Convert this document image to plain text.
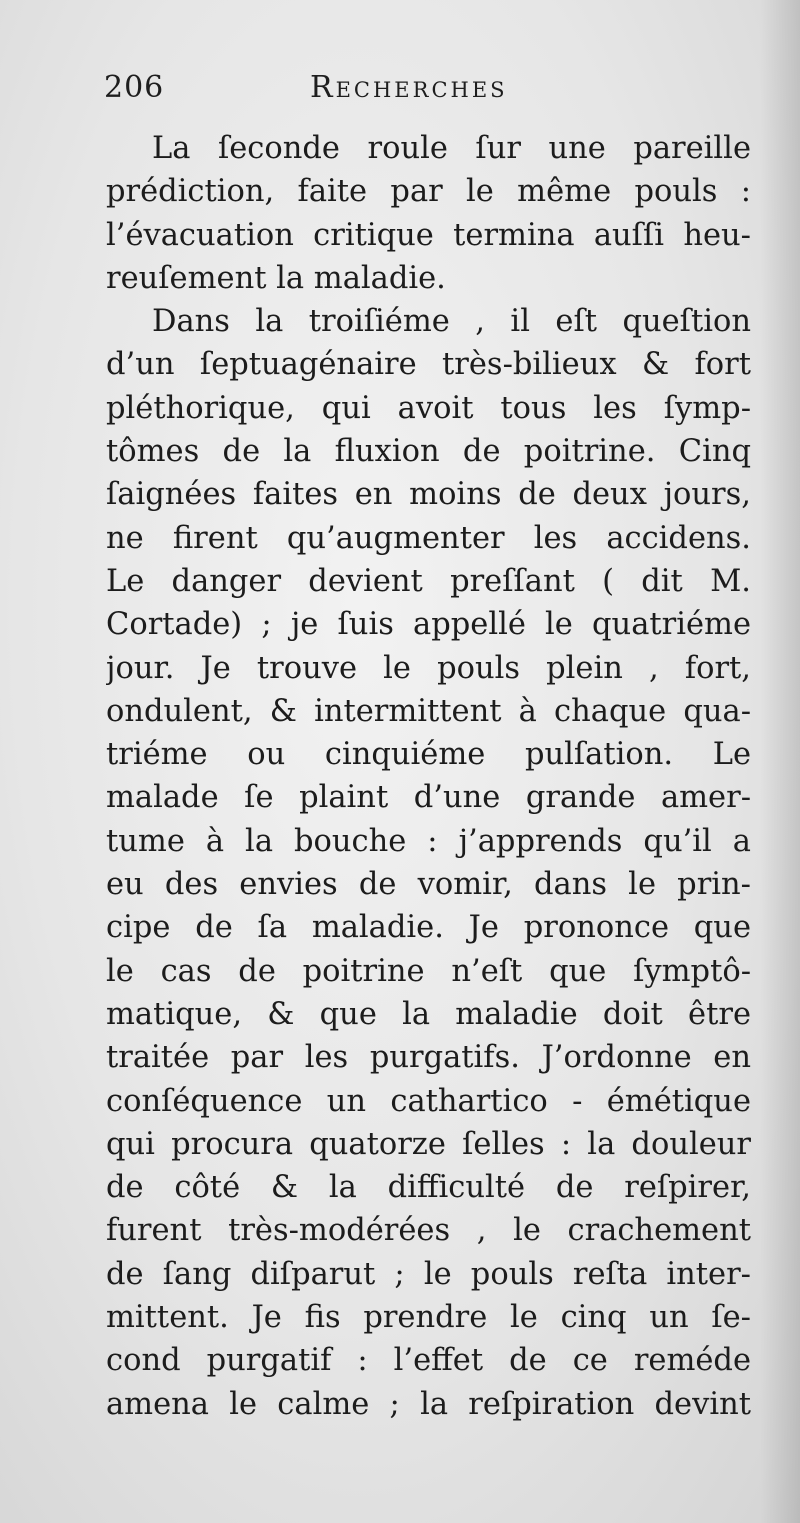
206	Recherches
La ſeconde roule ſur une pareille
prédiction, faite par le même pouls :
l’évacuation critique termina auſſi heu-
reuſement la maladie.
Dans la troiſiéme , il eſt queſtion
d’un ſeptuagénaire très-bilieux & fort
pléthorique, qui avoit tous les ſymp-
tômes de la fluxion de poitrine. Cinq
ſaignées faites en moins de deux jours,
ne firent qu’augmenter les accidens.
Le danger devient preſſant ( dit M.
Cortade) ; je ſuis appellé le quatriéme
jour. Je trouve le pouls plein , fort,
ondulent, & intermittent à chaque qua-
triéme ou cinquiéme pulſation. Le
malade ſe plaint d’une grande amer-
tume à la bouche : j’apprends qu’il a
eu des envies de vomir, dans le prin-
cipe de ſa maladie. Je prononce que
le cas de poitrine n’eſt que ſymptô-
matique, & que la maladie doit être
traitée par les purgatifs. J’ordonne en
conſéquence un cathartico - émétique
qui procura quatorze ſelles : la douleur
de côté & la difficulté de reſpirer,
furent très-modérées , le crachement
de ſang diſparut ; le pouls reſta inter-
mittent. Je fis prendre le cinq un ſe-
cond purgatif : l’effet de ce reméde
amena le calme ; la reſpiration devint
